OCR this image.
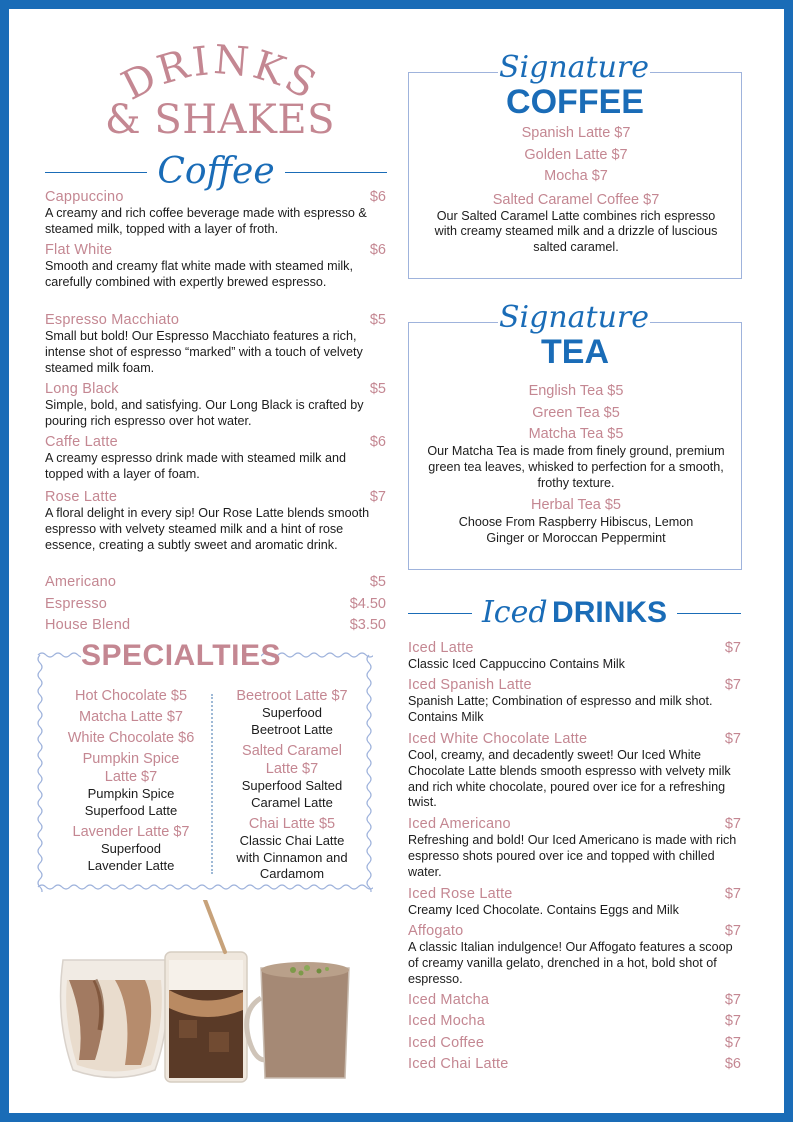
DRINKS
& SHAKES
Coffee
Cappuccino	$6
A creamy and rich coffee beverage made with espresso & steamed milk, topped with a layer of froth.
Flat White	$6
Smooth and creamy flat white made with steamed milk, carefully combined with expertly brewed espresso.
Espresso Macchiato	$5
Small but bold! Our Espresso Macchiato features a rich, intense shot of espresso “marked” with a touch of velvety steamed milk foam.
Long Black	$5
Simple, bold, and satisfying. Our Long Black is crafted by pouring rich espresso over hot water.
Caffe Latte	$6
A creamy espresso drink made with steamed milk and topped with a layer of foam.
Rose Latte	$7
A floral delight in every sip! Our Rose Latte blends smooth espresso with velvety steamed milk and a hint of rose essence, creating a subtly sweet and aromatic drink.
Americano	$5
Espresso	$4.50
House Blend	$3.50
SPECIALTIES
Hot Chocolate $5
Matcha Latte $7
White Chocolate $6
Pumpkin Spice Latte $7
Pumpkin Spice Superfood Latte
Lavender Latte $7
Superfood Lavender Latte
Beetroot Latte $7
Superfood Beetroot Latte
Salted Caramel Latte $7
Superfood Salted Caramel Latte
Chai Latte $5
Classic Chai Latte with Cinnamon and Cardamom
Signature
COFFEE
Spanish Latte $7
Golden Latte $7
Mocha $7
Salted Caramel Coffee $7
Our Salted Caramel Latte combines rich espresso with creamy steamed milk and a drizzle of luscious salted caramel.
Signature
TEA
English Tea $5
Green Tea $5
Matcha Tea $5
Our Matcha Tea is made from finely ground, premium green tea leaves, whisked to perfection for a smooth, frothy texture.
Herbal Tea $5
Choose From Raspberry Hibiscus, Lemon Ginger or Moroccan Peppermint
Iced DRINKS
Iced Latte	$7
Classic Iced Cappuccino Contains Milk
Iced Spanish Latte	$7
Spanish Latte; Combination of espresso and milk shot. Contains Milk
Iced White Chocolate Latte	$7
Cool, creamy, and decadently sweet! Our Iced White Chocolate Latte blends smooth espresso with velvety milk and rich white chocolate, poured over ice for a refreshing twist.
Iced Americano	$7
Refreshing and bold! Our Iced Americano is made with rich espresso shots poured over ice and topped with chilled water.
Iced Rose Latte	$7
Creamy Iced Chocolate. Contains Eggs and Milk
Affogato	$7
A classic Italian indulgence! Our Affogato features a scoop of creamy vanilla gelato, drenched in a hot, bold shot of espresso.
Iced Matcha	$7
Iced Mocha	$7
Iced Coffee	$7
Iced Chai Latte	$6
